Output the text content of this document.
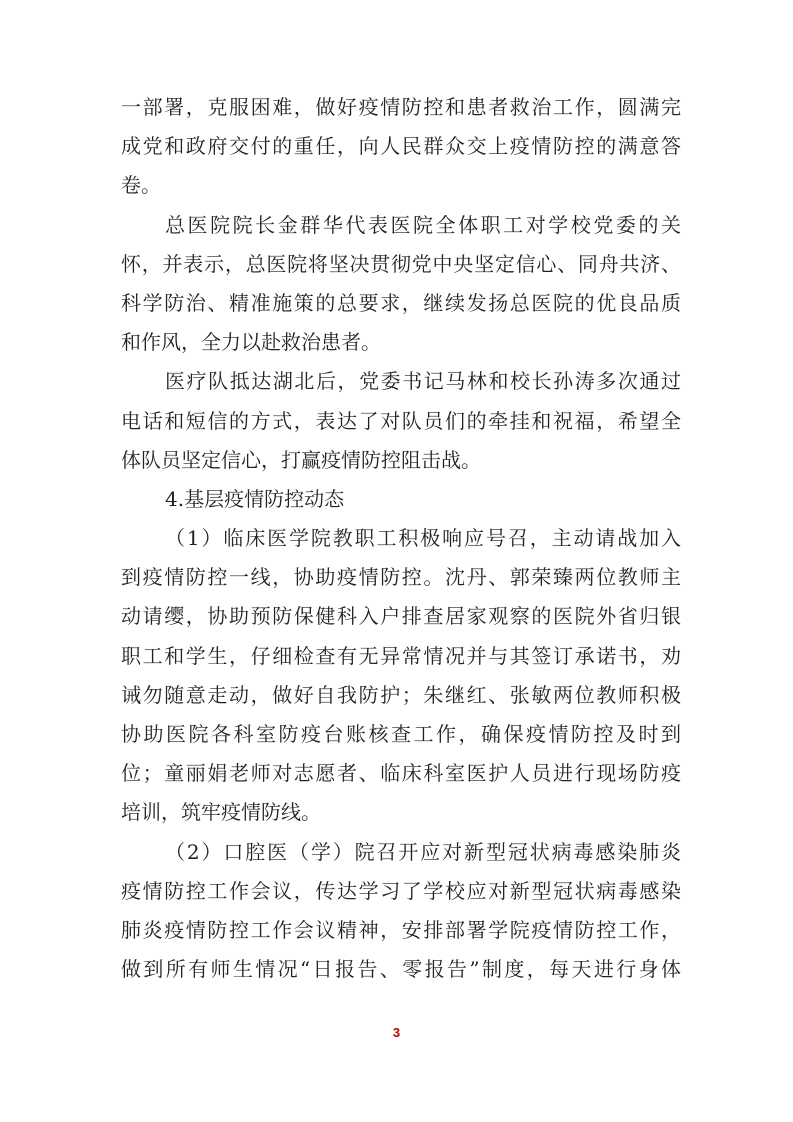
一部署，克服困难，做好疫情防控和患者救治工作，圆满完
成党和政府交付的重任，向人民群众交上疫情防控的满意答
卷。
总医院院长金群华代表医院全体职工对学校党委的关
怀，并表示，总医院将坚决贯彻党中央坚定信心、同舟共济、
科学防治、精准施策的总要求，继续发扬总医院的优良品质
和作风，全力以赴救治患者。
医疗队抵达湖北后，党委书记马林和校长孙涛多次通过
电话和短信的方式，表达了对队员们的牵挂和祝福，希望全
体队员坚定信心，打赢疫情防控阻击战。
4.基层疫情防控动态
（1）临床医学院教职工积极响应号召，主动请战加入
到疫情防控一线，协助疫情防控。沈丹、郭荣臻两位教师主
动请缨，协助预防保健科入户排查居家观察的医院外省归银
职工和学生，仔细检查有无异常情况并与其签订承诺书，劝
诫勿随意走动，做好自我防护；朱继红、张敏两位教师积极
协助医院各科室防疫台账核查工作，确保疫情防控及时到
位；童丽娟老师对志愿者、临床科室医护人员进行现场防疫
培训，筑牢疫情防线。
（2）口腔医（学）院召开应对新型冠状病毒感染肺炎
疫情防控工作会议，传达学习了学校应对新型冠状病毒感染
肺炎疫情防控工作会议精神，安排部署学院疫情防控工作，
做到所有师生情况“日报告、零报告”制度，每天进行身体
3
